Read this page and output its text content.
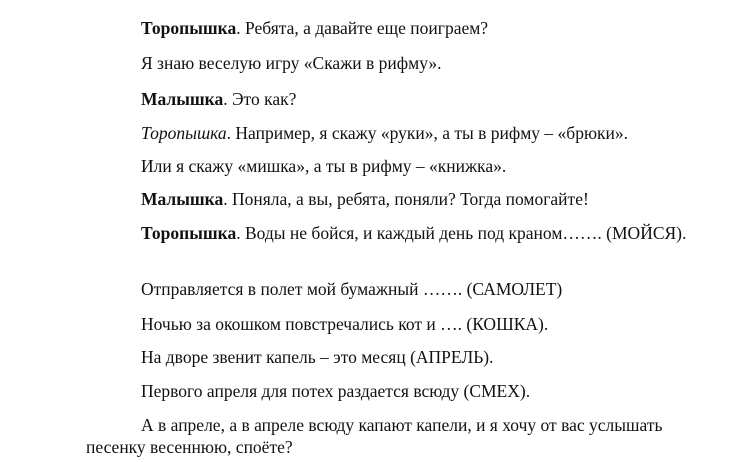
Торопышка. Ребята, а давайте еще поиграем?

Я знаю веселую игру «Скажи в рифму».

Малышка. Это как?

Торопышка. Например, я скажу «руки», а ты в рифму – «брюки».

Или я скажу «мишка», а ты в рифму – «книжка».

Малышка. Поняла, а вы, ребята, поняли? Тогда помогайте!

Торопышка. Воды не бойся, и каждый день под краном……. (МОЙСЯ).

Отправляется в полет мой бумажный ……. (САМОЛЕТ)

Ночью за окошком повстречались кот и …. (КОШКА).

На дворе звенит капель – это месяц (АПРЕЛЬ).

Первого апреля для потех раздается всюду (СМЕХ).

А в апреле, а в апреле всюду капают капели, и я хочу от вас услышать песенку весеннюю, споёте?
